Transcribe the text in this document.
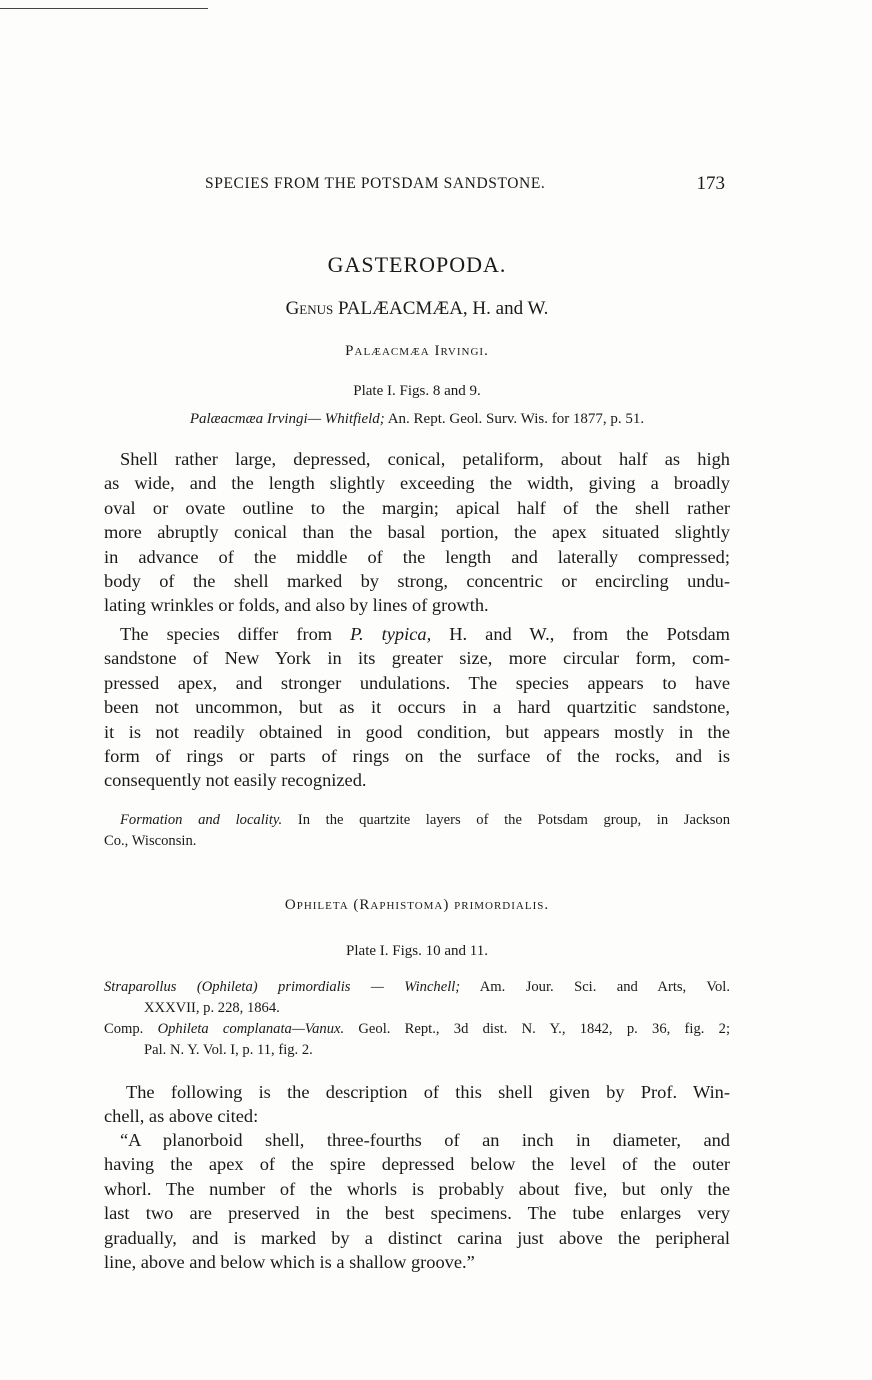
SPECIES FROM THE POTSDAM SANDSTONE.	173
GASTEROPODA.
Genus PALÆACMÆA, H. and W.
Palæacmæa Irvingi.
Plate I. Figs. 8 and 9.
Palæacmæa Irvingi— Whitfield; An. Rept. Geol. Surv. Wis. for 1877, p. 51.
Shell rather large, depressed, conical, petaliform, about half as high
as wide, and the length slightly exceeding the width, giving a broadly
oval or ovate outline to the margin; apical half of the shell rather
more abruptly conical than the basal portion, the apex situated slightly
in advance of the middle of the length and laterally compressed;
body of the shell marked by strong, concentric or encircling undu-
lating wrinkles or folds, and also by lines of growth.
The species differ from P. typica, H. and W., from the Potsdam
sandstone of New York in its greater size, more circular form, com-
pressed apex, and stronger undulations. The species appears to have
been not uncommon, but as it occurs in a hard quartzitic sandstone,
it is not readily obtained in good condition, but appears mostly in the
form of rings or parts of rings on the surface of the rocks, and is
consequently not easily recognized.
Formation and locality. In the quartzite layers of the Potsdam group, in Jackson
Co., Wisconsin.
Ophileta (Raphistoma) primordialis.
Plate I. Figs. 10 and 11.
Straparollus (Ophileta) primordialis — Winchell; Am. Jour. Sci. and Arts, Vol.
XXXVII, p. 228, 1864.
Comp. Ophileta complanata—Vanux. Geol. Rept., 3d dist. N. Y., 1842, p. 36, fig. 2;
Pal. N. Y. Vol. I, p. 11, fig. 2.
The following is the description of this shell given by Prof. Win-
chell, as above cited:
“A planorboid shell, three-fourths of an inch in diameter, and
having the apex of the spire depressed below the level of the outer
whorl. The number of the whorls is probably about five, but only the
last two are preserved in the best specimens. The tube enlarges very
gradually, and is marked by a distinct carina just above the peripheral
line, above and below which is a shallow groove.”
